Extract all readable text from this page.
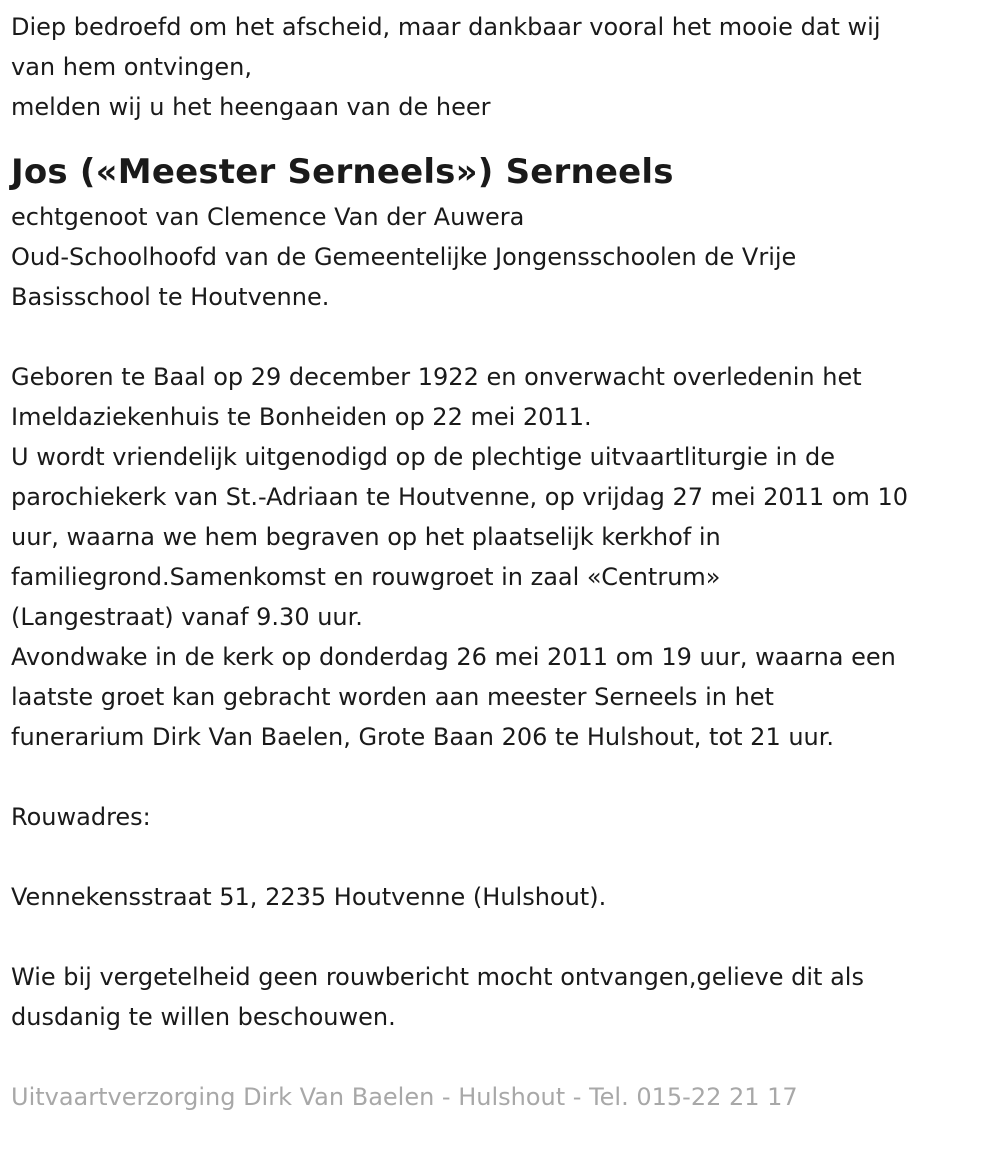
Diep bedroefd om het afscheid, maar dankbaar vooral het mooie dat wij

van hem ontvingen,

melden wij u het heengaan van de heer

Jos («Meester Serneels») Serneels

echtgenoot van Clemence Van der Auwera

Oud-Schoolhoofd van de Gemeentelijke Jongensschoolen de Vrije

Basisschool te Houtvenne.

Geboren te Baal op 29 december 1922 en onverwacht overledenin het

Imeldaziekenhuis te Bonheiden op 22 mei 2011.

U wordt vriendelijk uitgenodigd op de plechtige uitvaartliturgie in de

parochiekerk van St.-Adriaan te Houtvenne, op vrijdag 27 mei 2011 om 10

uur, waarna we hem begraven op het plaatselijk kerkhof in

familiegrond.Samenkomst en rouwgroet in zaal «Centrum»

(Langestraat) vanaf 9.30 uur.

Avondwake in de kerk op donderdag 26 mei 2011 om 19 uur, waarna een

laatste groet kan gebracht worden aan meester Serneels in het

funerarium Dirk Van Baelen, Grote Baan 206 te Hulshout, tot 21 uur.

Rouwadres:

Vennekensstraat 51, 2235 Houtvenne (Hulshout).

Wie bij vergetelheid geen rouwbericht mocht ontvangen,gelieve dit als

dusdanig te willen beschouwen.

Uitvaartverzorging Dirk Van Baelen - Hulshout - Tel. 015-22 21 17
